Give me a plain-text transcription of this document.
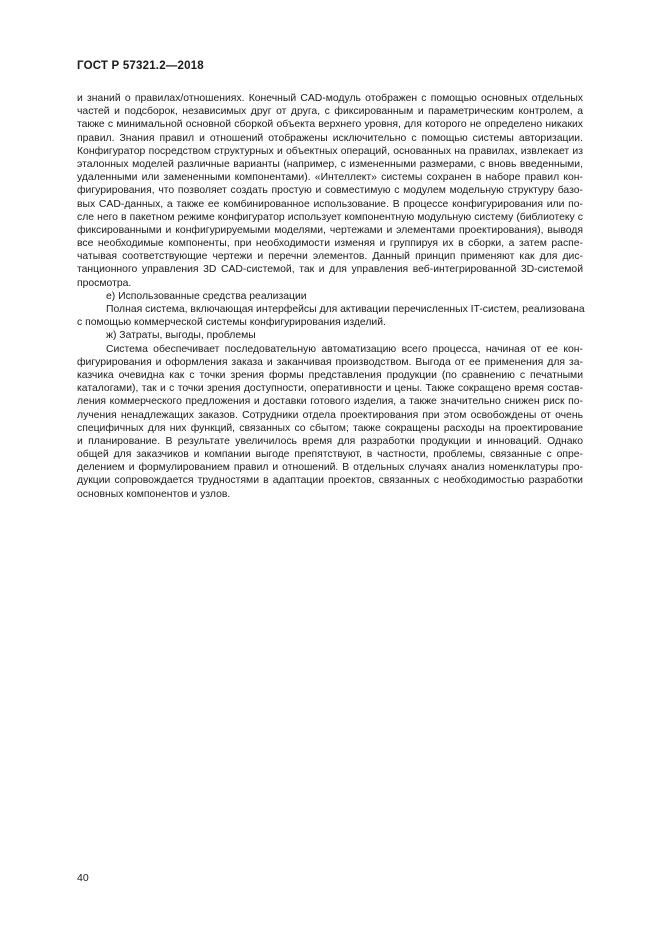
ГОСТ Р 57321.2—2018
и знаний о правилах/отношениях. Конечный CAD-модуль отображен с помощью основных отдельных
частей и подсборок, независимых друг от друга, с фиксированным и параметрическим контролем, а
также с минимальной основной сборкой объекта верхнего уровня, для которого не определено никаких
правил. Знания правил и отношений отображены исключительно с помощью системы авторизации.
Конфигуратор посредством структурных и объектных операций, основанных на правилах, извлекает из
эталонных моделей различные варианты (например, с измененными размерами, с вновь введенными,
удаленными или замененными компонентами). «Интеллект» системы сохранен в наборе правил кон-
фигурирования, что позволяет создать простую и совместимую с модулем модельную структуру базо-
вых CAD-данных, а также ее комбинированное использование. В процессе конфигурирования или по-
сле него в пакетном режиме конфигуратор использует компонентную модульную систему (библиотеку с
фиксированными и конфигурируемыми моделями, чертежами и элементами проектирования), выводя
все необходимые компоненты, при необходимости изменяя и группируя их в сборки, а затем распе-
чатывая соответствующие чертежи и перечни элементов. Данный принцип применяют как для дис-
танционного управления 3D CAD-системой, так и для управления веб-интегрированной 3D-системой
просмотра.
е) Использованные средства реализации
Полная система, включающая интерфейсы для активации перечисленных IT-систем, реализована
с помощью коммерческой системы конфигурирования изделий.
ж) Затраты, выгоды, проблемы
Система обеспечивает последовательную автоматизацию всего процесса, начиная от ее кон-
фигурирования и оформления заказа и заканчивая производством. Выгода от ее применения для за-
казчика очевидна как с точки зрения формы представления продукции (по сравнению с печатными
каталогами), так и с точки зрения доступности, оперативности и цены. Также сокращено время состав-
ления коммерческого предложения и доставки готового изделия, а также значительно снижен риск по-
лучения ненадлежащих заказов. Сотрудники отдела проектирования при этом освобождены от очень
специфичных для них функций, связанных со сбытом; также сокращены расходы на проектирование
и планирование. В результате увеличилось время для разработки продукции и инноваций. Однако
общей для заказчиков и компании выгоде препятствуют, в частности, проблемы, связанные с опре-
делением и формулированием правил и отношений. В отдельных случаях анализ номенклатуры про-
дукции сопровождается трудностями в адаптации проектов, связанных с необходимостью разработки
основных компонентов и узлов.
40
